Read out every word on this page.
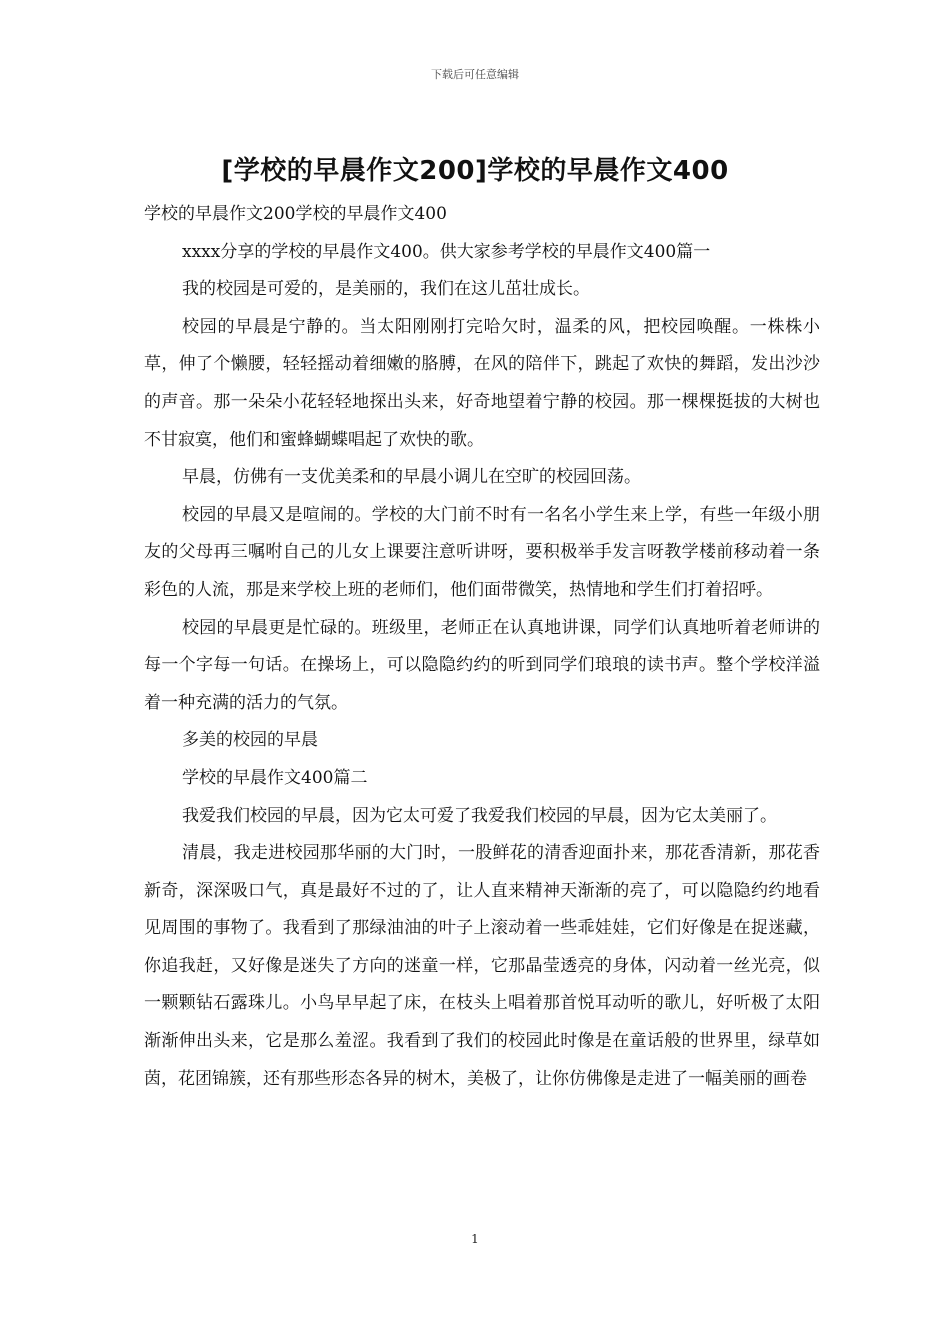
下载后可任意编辑
[学校的早晨作文200]学校的早晨作文400

学校的早晨作文200学校的早晨作文400

xxxx分享的学校的早晨作文400。供大家参考学校的早晨作文400篇一

我的校园是可爱的，是美丽的，我们在这儿茁壮成长。

校园的早晨是宁静的。当太阳刚刚打完哈欠时，温柔的风，把校园唤醒。一株株小草，伸了个懒腰，轻轻摇动着细嫩的胳膊，在风的陪伴下，跳起了欢快的舞蹈，发出沙沙的声音。那一朵朵小花轻轻地探出头来，好奇地望着宁静的校园。那一棵棵挺拔的大树也不甘寂寞，他们和蜜蜂蝴蝶唱起了欢快的歌。

早晨，仿佛有一支优美柔和的早晨小调儿在空旷的校园回荡。

校园的早晨又是喧闹的。学校的大门前不时有一名名小学生来上学，有些一年级小朋友的父母再三嘱咐自己的儿女上课要注意听讲呀，要积极举手发言呀教学楼前移动着一条彩色的人流，那是来学校上班的老师们，他们面带微笑，热情地和学生们打着招呼。

校园的早晨更是忙碌的。班级里，老师正在认真地讲课，同学们认真地听着老师讲的每一个字每一句话。在操场上，可以隐隐约约的听到同学们琅琅的读书声。整个学校洋溢着一种充满的活力的气氛。

多美的校园的早晨

学校的早晨作文400篇二

我爱我们校园的早晨，因为它太可爱了我爱我们校园的早晨，因为它太美丽了。

清晨，我走进校园那华丽的大门时，一股鲜花的清香迎面扑来，那花香清新，那花香新奇，深深吸口气，真是最好不过的了，让人直来精神天渐渐的亮了，可以隐隐约约地看见周围的事物了。我看到了那绿油油的叶子上滚动着一些乖娃娃，它们好像是在捉迷藏，你追我赶，又好像是迷失了方向的迷童一样，它那晶莹透亮的身体，闪动着一丝光亮，似一颗颗钻石露珠儿。小鸟早早起了床，在枝头上唱着那首悦耳动听的歌儿，好听极了太阳渐渐伸出头来，它是那么羞涩。我看到了我们的校园此时像是在童话般的世界里，绿草如茵，花团锦簇，还有那些形态各异的树木，美极了，让你仿佛像是走进了一幅美丽的画卷

1
